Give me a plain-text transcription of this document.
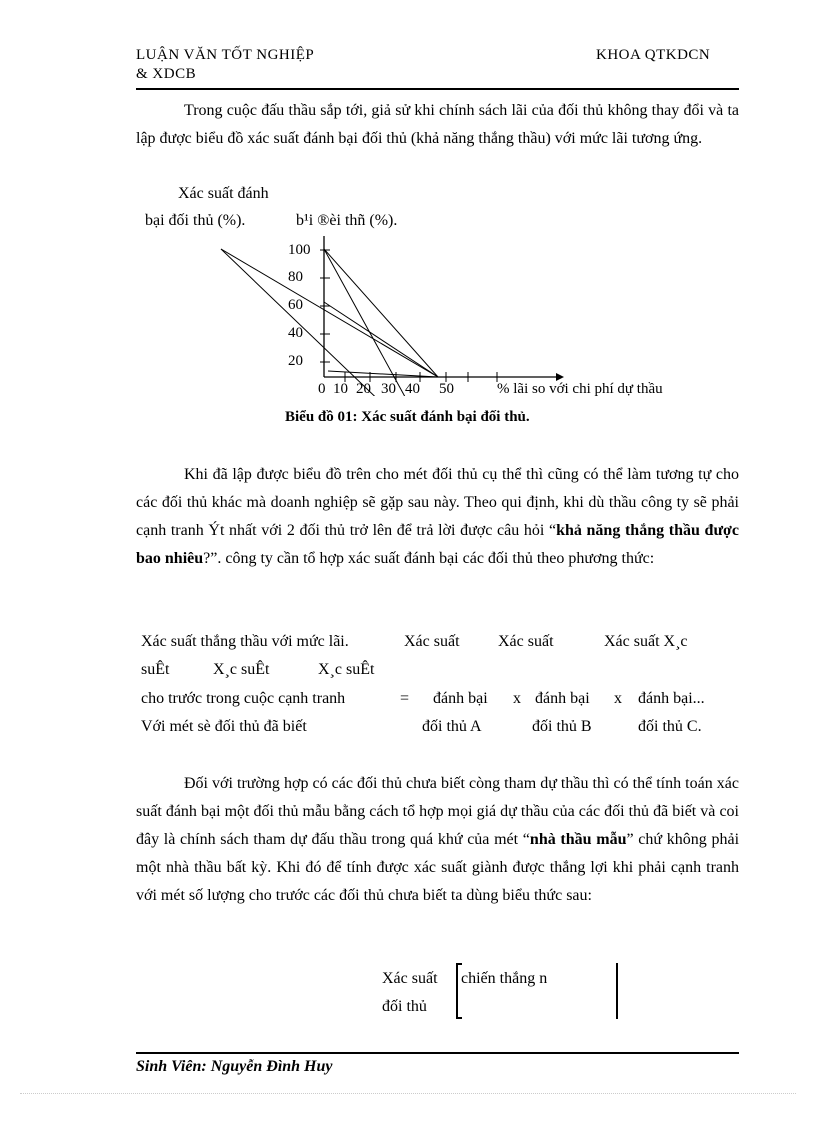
LUẬN VĂN TỐT NGHIỆP
& XDCB
KHOA QTKDCN

Trong cuộc đấu thầu sắp tới, giả sử khi chính sách lãi của đối thủ không thay đổi và ta lập được biểu đồ xác suất đánh bại đối thủ (khả năng thắng thầu) với mức lãi tương ứng.

Xác suất đánh
bại đối thủ (%).	b¹i ®èi thñ (%).
100
80
60
40
20
0 10 20 30 40 50	% lãi so với chi phí dự thầu
Biểu đồ 01: Xác suất đánh bại đối thủ.

Khi đã lập được biểu đồ trên cho mét đối thủ cụ thể thì cũng có thể làm tương tự cho các đối thủ khác mà doanh nghiệp sẽ gặp sau này. Theo qui định, khi dù thầu công ty sẽ phải cạnh tranh Ýt nhất với 2 đối thủ trở lên để trả lời được câu hỏi “khả năng thắng thầu được bao nhiêu?”. công ty cần tổ hợp xác suất đánh bại các đối thủ theo phương thức:

Xác suất thắng thầu với mức lãi.	Xác suất Xác suất	Xác suất X¸c
suÊt	X¸c suÊt	X¸c suÊt
cho trước trong cuộc cạnh tranh	= đánh bại x đánh bại x đánh bại...
Với mét sè đối thủ đã biết	đối thủ A	đối thủ B	đối thủ C.

Đối với trường hợp có các đối thủ chưa biết còng tham dự thầu thì có thể tính toán xác suất đánh bại một đối thủ mẫu bằng cách tổ hợp mọi giá dự thầu của các đối thủ đã biết và coi đây là chính sách tham dự đấu thầu trong quá khứ của mét “nhà thầu mẫu” chứ không phải một nhà thầu bất kỳ. Khi đó để tính được xác suất giành được thắng lợi khi phải cạnh tranh với mét số lượng cho trước các đối thủ chưa biết ta dùng biểu thức sau:

Xác suất chiến thắng n
đối thủ
Sinh Viên: Nguyễn Đình Huy
